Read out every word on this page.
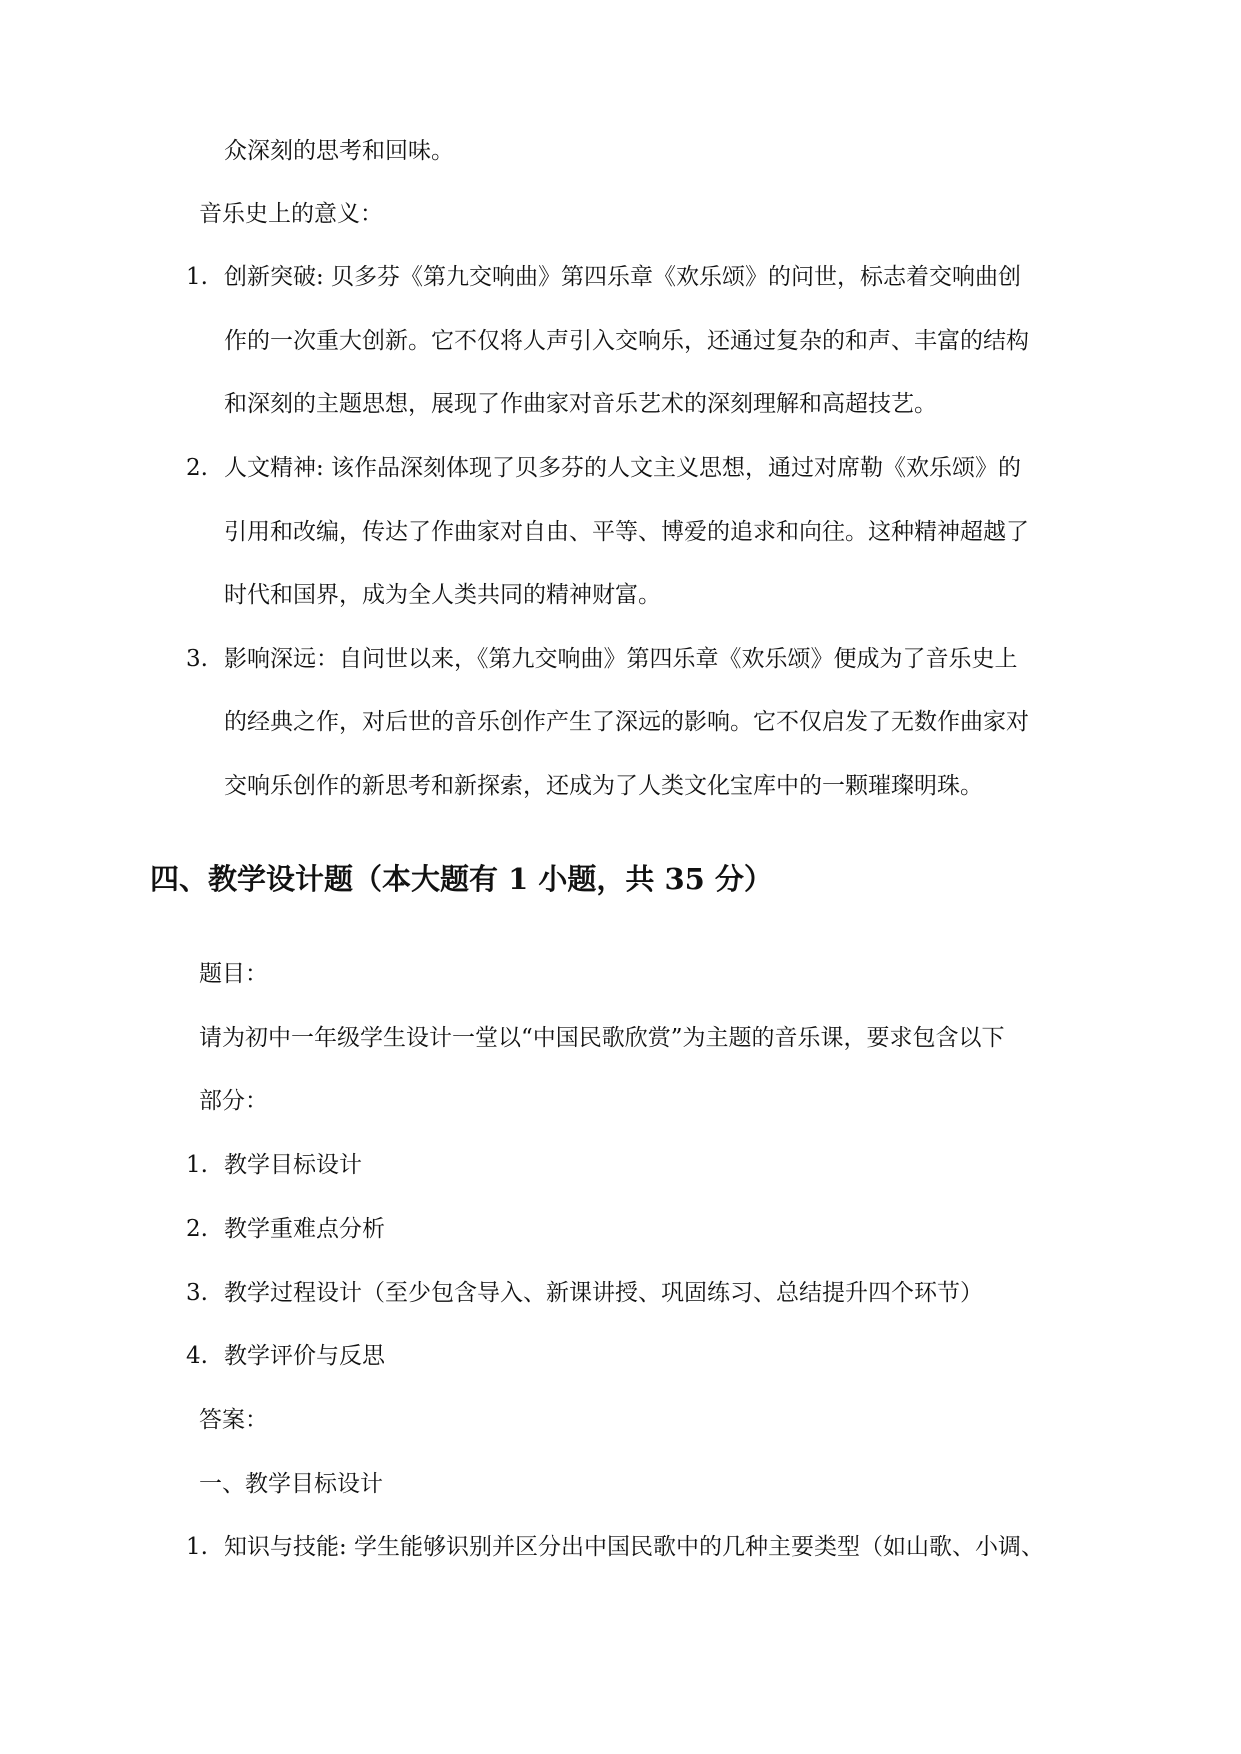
众深刻的思考和回味。
音乐史上的意义：
1. 创新突破: 贝多芬《第九交响曲》第四乐章《欢乐颂》的问世，标志着交响曲创
作的一次重大创新。它不仅将人声引入交响乐，还通过复杂的和声、丰富的结构
和深刻的主题思想，展现了作曲家对音乐艺术的深刻理解和高超技艺。
2. 人文精神: 该作品深刻体现了贝多芬的人文主义思想，通过对席勒《欢乐颂》的
引用和改编，传达了作曲家对自由、平等、博爱的追求和向往。这种精神超越了
时代和国界，成为全人类共同的精神财富。
3. 影响深远：自问世以来，《第九交响曲》第四乐章《欢乐颂》便成为了音乐史上
的经典之作，对后世的音乐创作产生了深远的影响。它不仅启发了无数作曲家对
交响乐创作的新思考和新探索，还成为了人类文化宝库中的一颗璀璨明珠。
四、教学设计题（本大题有 1 小题，共 35 分）
题目：
请为初中一年级学生设计一堂以“中国民歌欣赏”为主题的音乐课，要求包含以下
部分：
1. 教学目标设计
2. 教学重难点分析
3. 教学过程设计（至少包含导入、新课讲授、巩固练习、总结提升四个环节）
4. 教学评价与反思
答案：
一、教学目标设计
1. 知识与技能: 学生能够识别并区分出中国民歌中的几种主要类型（如山歌、小调、
